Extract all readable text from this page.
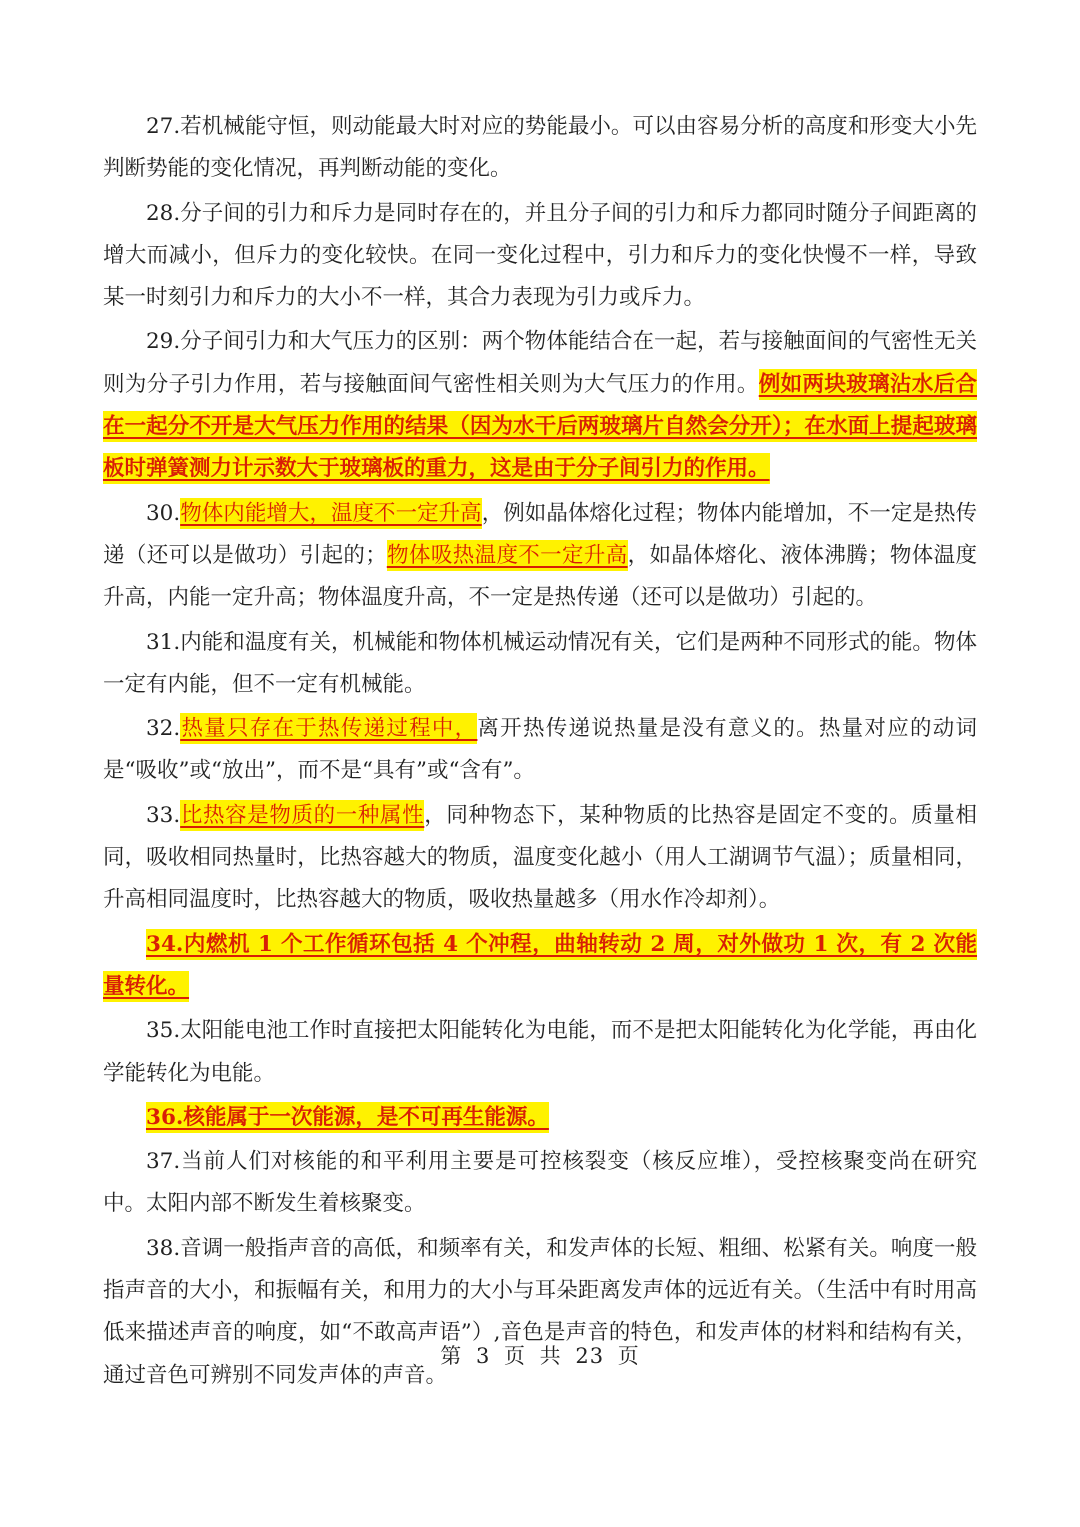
27.若机械能守恒，则动能最大时对应的势能最小。可以由容易分析的高度和形变大小先判断势能的变化情况，再判断动能的变化。

28.分子间的引力和斥力是同时存在的，并且分子间的引力和斥力都同时随分子间距离的增大而减小，但斥力的变化较快。在同一变化过程中，引力和斥力的变化快慢不一样，导致某一时刻引力和斥力的大小不一样，其合力表现为引力或斥力。

29.分子间引力和大气压力的区别：两个物体能结合在一起，若与接触面间的气密性无关则为分子引力作用，若与接触面间气密性相关则为大气压力的作用。例如两块玻璃沾水后合在一起分不开是大气压力作用的结果（因为水干后两玻璃片自然会分开）；在水面上提起玻璃板时弹簧测力计示数大于玻璃板的重力，这是由于分子间引力的作用。

30.物体内能增大，温度不一定升高，例如晶体熔化过程；物体内能增加，不一定是热传递（还可以是做功）引起的；物体吸热温度不一定升高，如晶体熔化、液体沸腾；物体温度升高，内能一定升高；物体温度升高，不一定是热传递（还可以是做功）引起的。

31.内能和温度有关，机械能和物体机械运动情况有关，它们是两种不同形式的能。物体一定有内能，但不一定有机械能。

32.热量只存在于热传递过程中，离开热传递说热量是没有意义的。热量对应的动词是“吸收”或“放出”，而不是“具有”或“含有”。

33.比热容是物质的一种属性，同种物态下，某种物质的比热容是固定不变的。质量相同，吸收相同热量时，比热容越大的物质，温度变化越小（用人工湖调节气温）；质量相同，升高相同温度时，比热容越大的物质，吸收热量越多（用水作冷却剂）。

34.内燃机 1 个工作循环包括 4 个冲程，曲轴转动 2 周，对外做功 1 次，有 2 次能量转化。

35.太阳能电池工作时直接把太阳能转化为电能，而不是把太阳能转化为化学能，再由化学能转化为电能。

36.核能属于一次能源，是不可再生能源。

37.当前人们对核能的和平利用主要是可控核裂变（核反应堆），受控核聚变尚在研究中。太阳内部不断发生着核聚变。

38.音调一般指声音的高低，和频率有关，和发声体的长短、粗细、松紧有关。响度一般指声音的大小，和振幅有关，和用力的大小与耳朵距离发声体的远近有关。（生活中有时用高低来描述声音的响度，如“不敢高声语”）,音色是声音的特色，和发声体的材料和结构有关，通过音色可辨别不同发声体的声音。

第 3 页 共 23 页
